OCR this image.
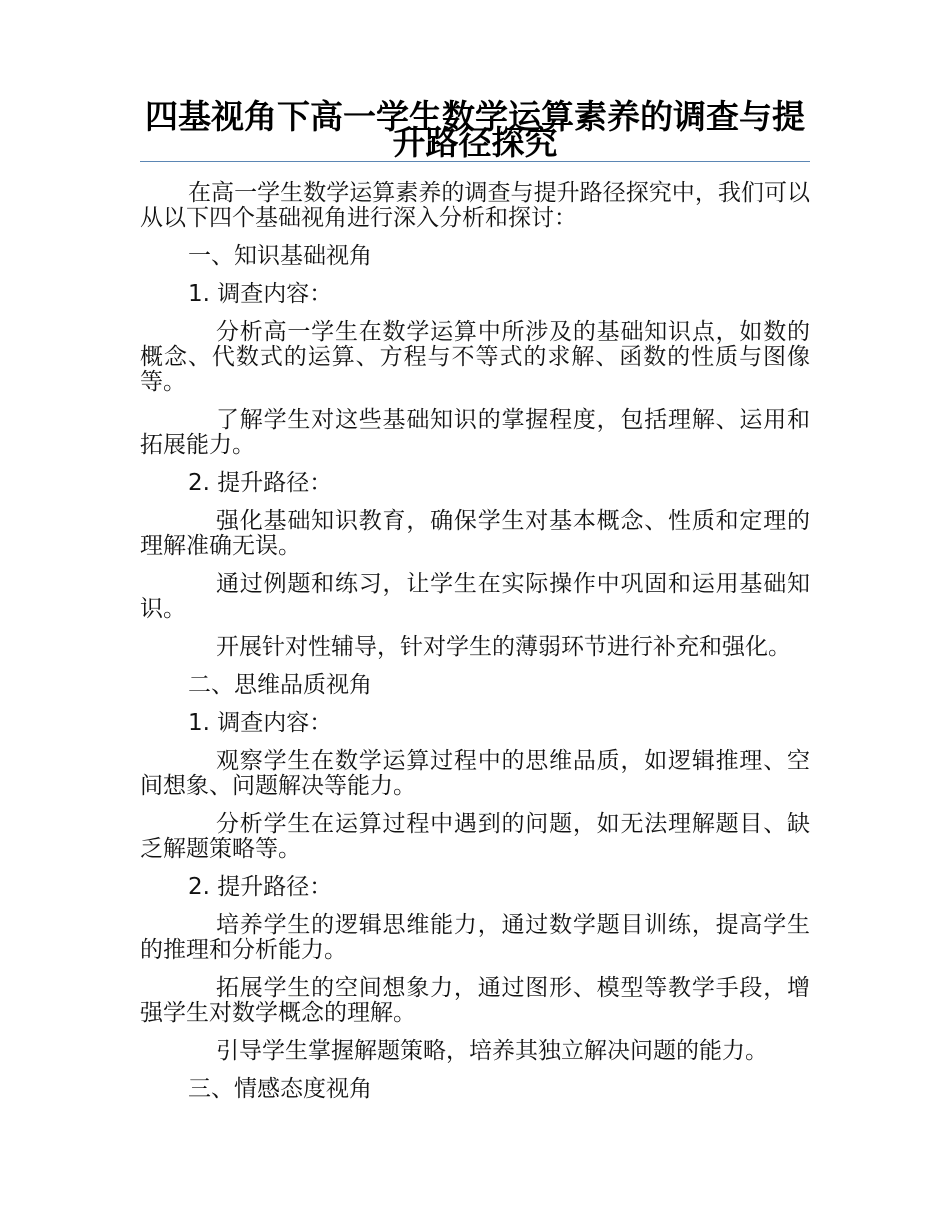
四基视角下高一学生数学运算素养的调查与提升路径探究

在高一学生数学运算素养的调查与提升路径探究中，我们可以从以下四个基础视角进行深入分析和探讨：

一、知识基础视角

1. 调查内容：

分析高一学生在数学运算中所涉及的基础知识点，如数的概念、代数式的运算、方程与不等式的求解、函数的性质与图像等。

了解学生对这些基础知识的掌握程度，包括理解、运用和拓展能力。

2. 提升路径：

强化基础知识教育，确保学生对基本概念、性质和定理的理解准确无误。

通过例题和练习，让学生在实际操作中巩固和运用基础知识。

开展针对性辅导，针对学生的薄弱环节进行补充和强化。

二、思维品质视角

1. 调查内容：

观察学生在数学运算过程中的思维品质，如逻辑推理、空间想象、问题解决等能力。

分析学生在运算过程中遇到的问题，如无法理解题目、缺乏解题策略等。

2. 提升路径：

培养学生的逻辑思维能力，通过数学题目训练，提高学生的推理和分析能力。

拓展学生的空间想象力，通过图形、模型等教学手段，增强学生对数学概念的理解。

引导学生掌握解题策略，培养其独立解决问题的能力。

三、情感态度视角
